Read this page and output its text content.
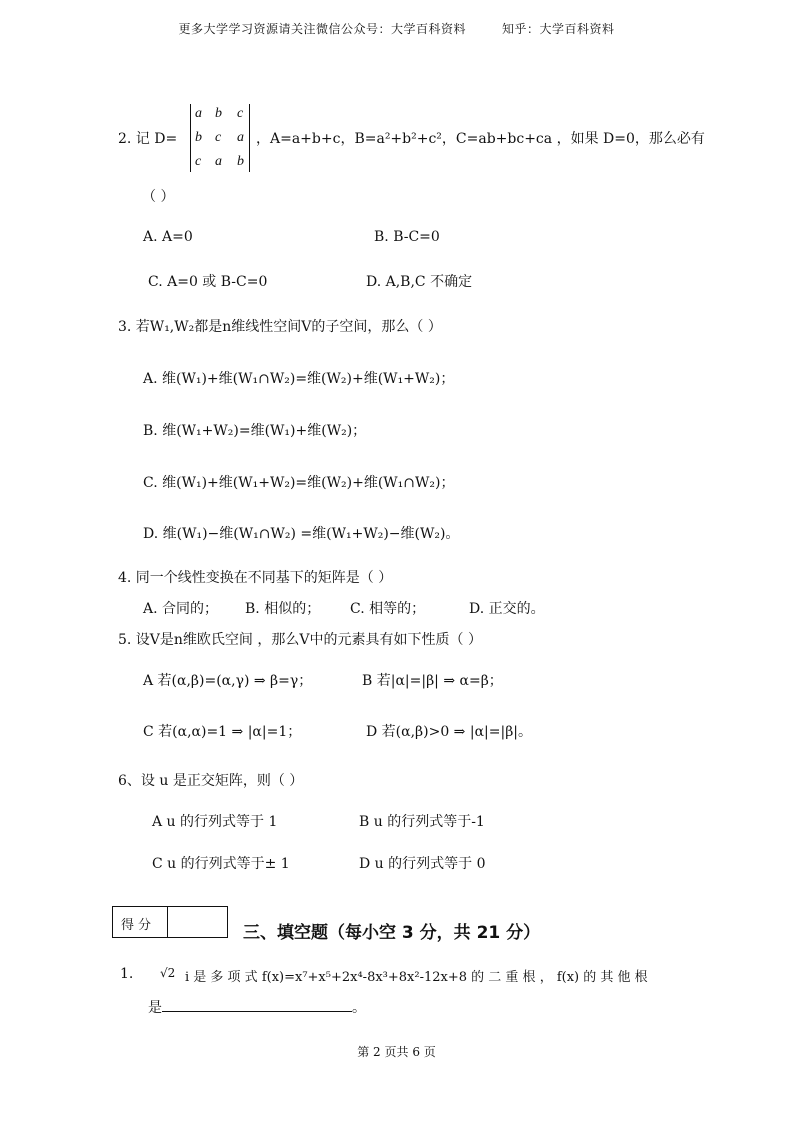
更多大学学习资源请关注微信公众号：大学百科资料	知乎：大学百科资料
2. 记 D=
a b c
b c a
c a b
，A=a+b+c，B=a²+b²+c²，C=ab+bc+ca ，如果 D=0，那么必有
（ ）
A. A=0	B. B-C=0
C. A=0 或 B-C=0	D. A,B,C 不确定
3. 若W₁,W₂都是n维线性空间V的子空间，那么（ ）
A. 维(W₁)+维(W₁∩W₂)=维(W₂)+维(W₁+W₂)；
B. 维(W₁+W₂)=维(W₁)+维(W₂)；
C. 维(W₁)+维(W₁+W₂)=维(W₂)+维(W₁∩W₂)；
D. 维(W₁)−维(W₁∩W₂) =维(W₁+W₂)−维(W₂)。
4. 同一个线性变换在不同基下的矩阵是（ ）
A. 合同的； B. 相似的； C. 相等的；	D. 正交的。
5. 设V是n维欧氏空间 ，那么V中的元素具有如下性质（ ）
A 若(α,β)=(α,γ) ⇒ β=γ；	B 若|α|=|β| ⇒ α=β；
C 若(α,α)=1 ⇒ |α|=1；	D 若(α,β)>0 ⇒ |α|=|β|。
6、设 u 是正交矩阵，则（ ）
A u 的行列式等于 1	B u 的行列式等于-1
C u 的行列式等于± 1	D u 的行列式等于 0
得分	三、填空题（每小空 3 分，共 21 分）
1. √2 i 是 多 项 式 f(x)=x⁷+x⁵+2x⁴-8x³+8x²-12x+8 的 二 重 根 ， f(x) 的 其 他 根
是	。
第 2 页共 6 页
